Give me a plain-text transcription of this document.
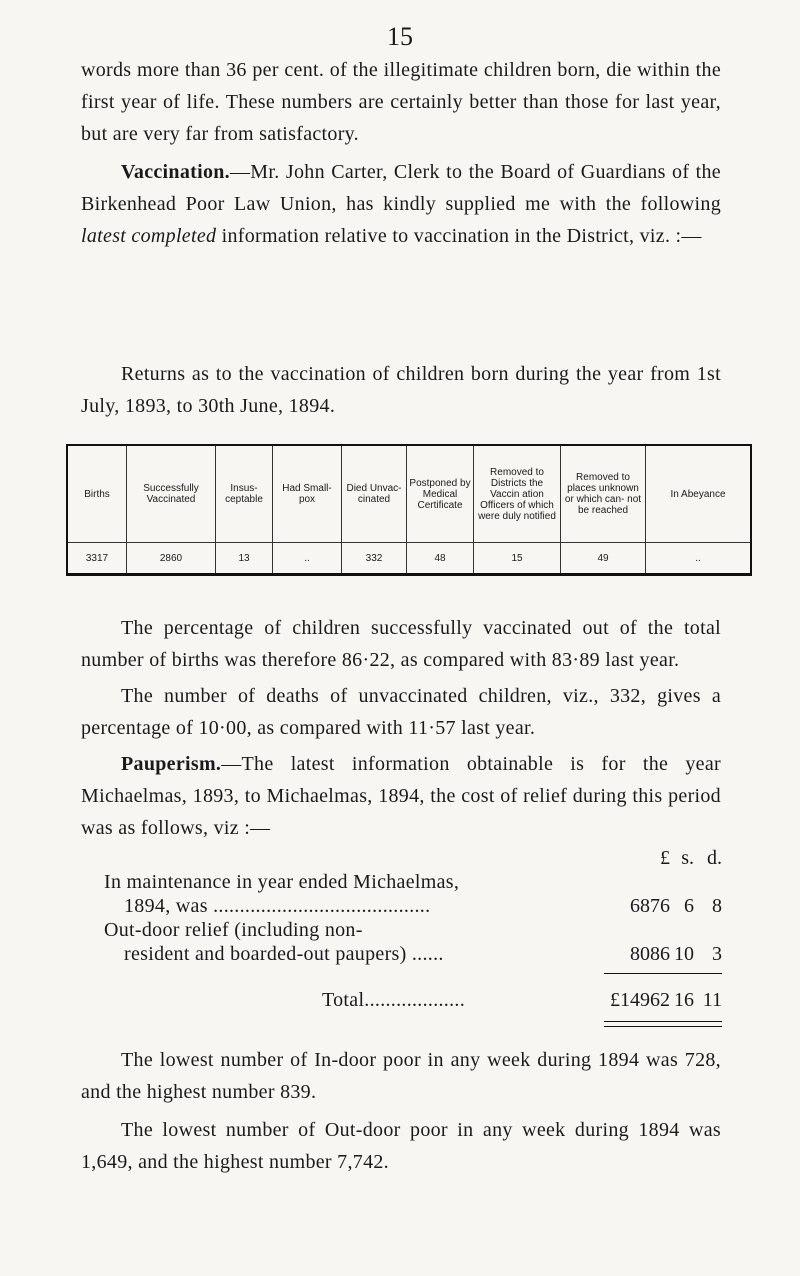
15
words more than 36 per cent. of the illegitimate children born, die within the first year of life. These numbers are certainly better than those for last year, but are very far from satisfactory.
Vaccination.—Mr. John Carter, Clerk to the Board of Guardians of the Birkenhead Poor Law Union, has kindly supplied me with the following latest completed information relative to vaccination in the District, viz. :—
Returns as to the vaccination of children born during the year from 1st July, 1893, to 30th June, 1894.
Births	Successfully Vaccinated	Insus- ceptable	Had Small- pox	Died Unvac- cinated	Postponed by Medical Certificate	Removed to Districts the Vaccin ation Officers of which were duly notified	Removed to places unknown or which can- not be reached	In Abeyance
3317	2860	13	..	332	48	15	49	..
The percentage of children successfully vaccinated out of the total number of births was therefore 86·22, as compared with 83·89 last year.
The number of deaths of unvaccinated children, viz., 332, gives a percentage of 10·00, as compared with 11·57 last year.
Pauperism.—The latest information obtainable is for the year Michaelmas, 1893, to Michaelmas, 1894, the cost of relief during this period was as follows, viz :—
£ s. d.
In maintenance in year ended Michaelmas,
1894, was .........................................	6876 6 8
Out-door relief (including non-
resident and boarded-out paupers) ......	8086 10 3
Total...................	£14962 16 11
The lowest number of In-door poor in any week during 1894 was 728, and the highest number 839.
The lowest number of Out-door poor in any week during 1894 was 1,649, and the highest number 7,742.
